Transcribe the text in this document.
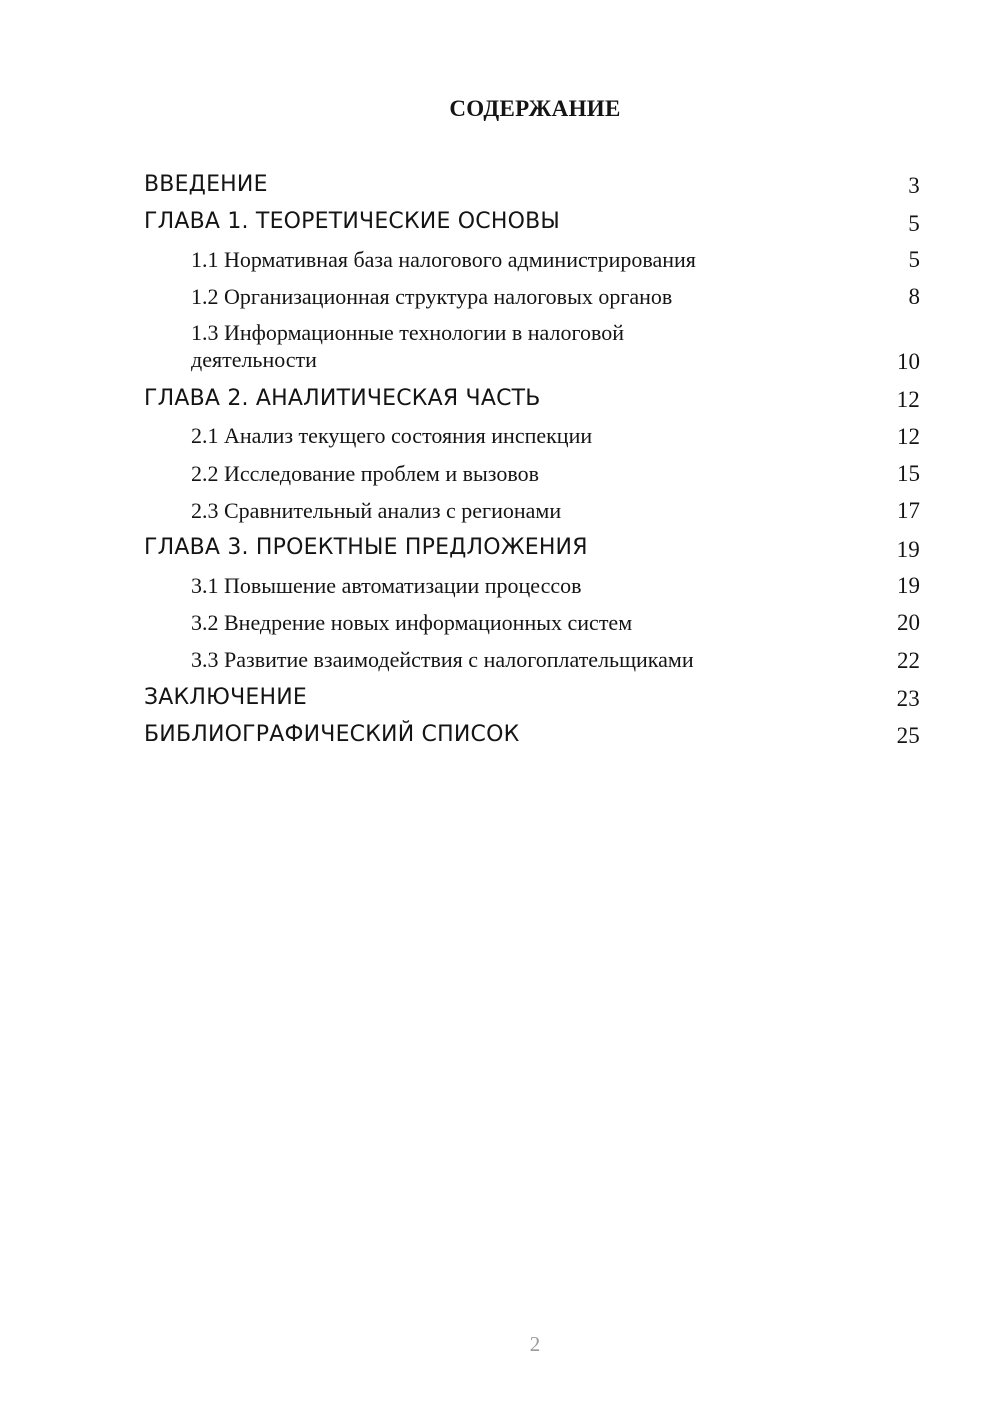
СОДЕРЖАНИЕ
ВВЕДЕНИЕ	3
ГЛАВА 1. ТЕОРЕТИЧЕСКИЕ ОСНОВЫ	5
1.1 Нормативная база налогового администрирования	5
1.2 Организационная структура налоговых органов	8
1.3 Информационные технологии в налоговой деятельности	10
ГЛАВА 2. АНАЛИТИЧЕСКАЯ ЧАСТЬ	12
2.1 Анализ текущего состояния инспекции	12
2.2 Исследование проблем и вызовов	15
2.3 Сравнительный анализ с регионами	17
ГЛАВА 3. ПРОЕКТНЫЕ ПРЕДЛОЖЕНИЯ	19
3.1 Повышение автоматизации процессов	19
3.2 Внедрение новых информационных систем	20
3.3 Развитие взаимодействия с налогоплательщиками	22
ЗАКЛЮЧЕНИЕ	23
БИБЛИОГРАФИЧЕСКИЙ СПИСОК	25
2
